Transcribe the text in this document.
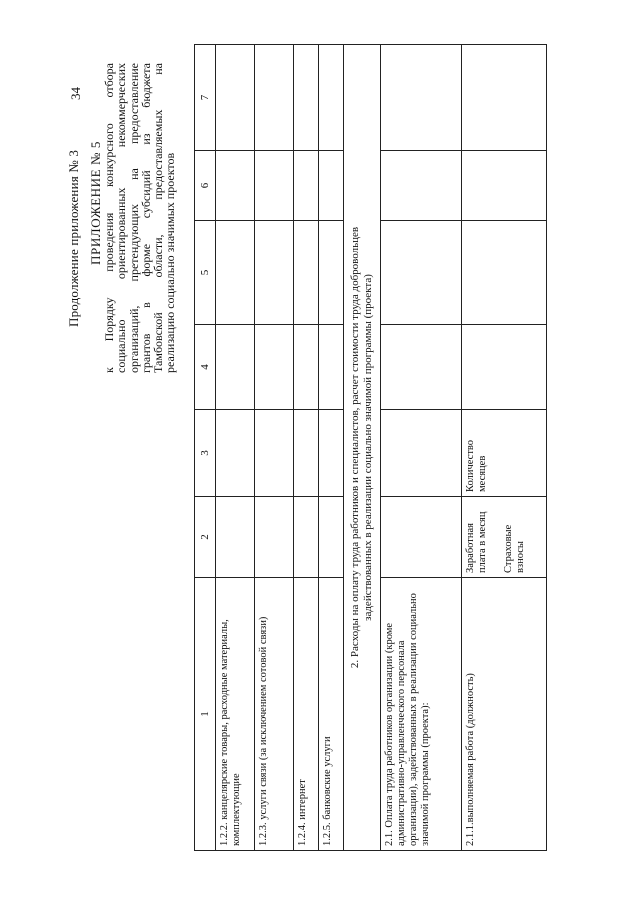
34
Продолжение приложения № 3 ПРИЛОЖЕНИЕ № 5 к Порядку проведения конкурсного отбора
социально ориентированных некоммерческих
организаций, претендующих на предоставление
грантов в форме субсидий из бюджета
Тамбовской области, предоставляемых на
реализацию социально значимых проектов
1	2	3	4	5	6	7
1.2.2. канцелярские товары, расходные материалы, комплектующие						
1.2.3. услуги связи (за исключением сотовой связи)						
1.2.4. интернет						
1.2.5. банковские услуги						

2. Расходы на оплату труда работников и специалистов, расчет стоимости труда добровольцев задействованных в реализации социально значимой программы (проекта)						

2.1. Оплата труда работников организации (кроме административно-управленческого персонала организации), задействованных в реализации социально значимой программы (проекта):						
2.1.1.выполняемая работа (должность)	Заработная плата в месяц Страховые взносы	Количество месяцев				
